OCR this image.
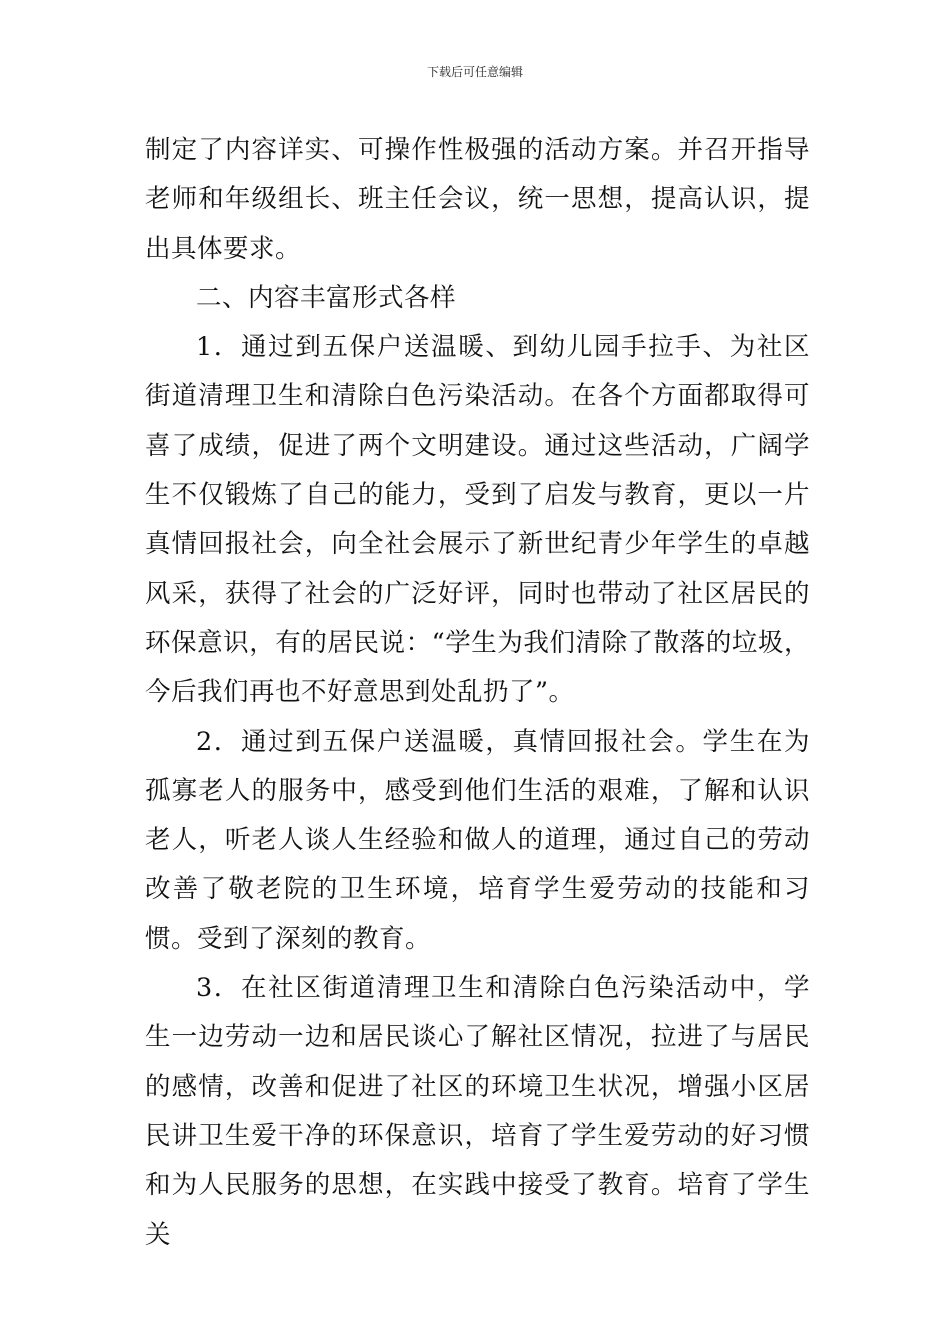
下载后可任意编辑

制定了内容详实、可操作性极强的活动方案。并召开指导老师和年级组长、班主任会议，统一思想，提高认识，提出具体要求。

二、内容丰富形式各样

1．通过到五保户送温暖、到幼儿园手拉手、为社区街道清理卫生和清除白色污染活动。在各个方面都取得可喜了成绩，促进了两个文明建设。通过这些活动，广阔学生不仅锻炼了自己的能力，受到了启发与教育，更以一片真情回报社会，向全社会展示了新世纪青少年学生的卓越风采，获得了社会的广泛好评，同时也带动了社区居民的环保意识，有的居民说：“学生为我们清除了散落的垃圾，今后我们再也不好意思到处乱扔了”。

2．通过到五保户送温暖，真情回报社会。学生在为孤寡老人的服务中，感受到他们生活的艰难，了解和认识老人，听老人谈人生经验和做人的道理，通过自己的劳动改善了敬老院的卫生环境，培育学生爱劳动的技能和习惯。受到了深刻的教育。

3．在社区街道清理卫生和清除白色污染活动中，学生一边劳动一边和居民谈心了解社区情况，拉进了与居民的感情，改善和促进了社区的环境卫生状况，增强小区居民讲卫生爱干净的环保意识，培育了学生爱劳动的好习惯和为人民服务的思想，在实践中接受了教育。培育了学生关
